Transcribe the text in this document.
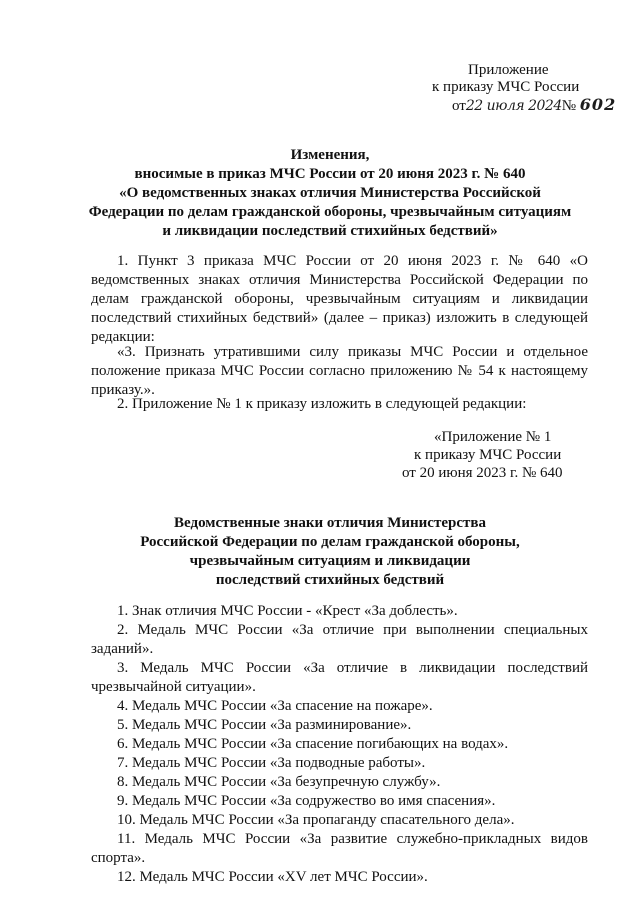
Приложение
к приказу МЧС России
от22 июля 2024№ 602
Изменения,
вносимые в приказ МЧС России от 20 июня 2023 г. № 640
«О ведомственных знаках отличия Министерства Российской
Федерации по делам гражданской обороны, чрезвычайным ситуациям
и ликвидации последствий стихийных бедствий»

1. Пункт 3 приказа МЧС России от 20 июня 2023 г. № 640 «О ведомственных знаках отличия Министерства Российской Федерации по делам гражданской обороны, чрезвычайным ситуациям и ликвидации последствий стихийных бедствий» (далее – приказ) изложить в следующей редакции:

«3. Признать утратившими силу приказы МЧС России и отдельное положение приказа МЧС России согласно приложению № 54 к настоящему приказу.».

2. Приложение № 1 к приказу изложить в следующей редакции:

«Приложение № 1
к приказу МЧС России
от 20 июня 2023 г. № 640
Ведомственные знаки отличия Министерства
Российской Федерации по делам гражданской обороны,
чрезвычайным ситуациям и ликвидации
последствий стихийных бедствий

1. Знак отличия МЧС России - «Крест «За доблесть».

2. Медаль МЧС России «За отличие при выполнении специальных заданий».

3. Медаль МЧС России «За отличие в ликвидации последствий чрезвычайной ситуации».

4. Медаль МЧС России «За спасение на пожаре».

5. Медаль МЧС России «За разминирование».

6. Медаль МЧС России «За спасение погибающих на водах».

7. Медаль МЧС России «За подводные работы».

8. Медаль МЧС России «За безупречную службу».

9. Медаль МЧС России «За содружество во имя спасения».

10. Медаль МЧС России «За пропаганду спасательного дела».

11. Медаль МЧС России «За развитие служебно-прикладных видов спорта».

12. Медаль МЧС России «XV лет МЧС России».
